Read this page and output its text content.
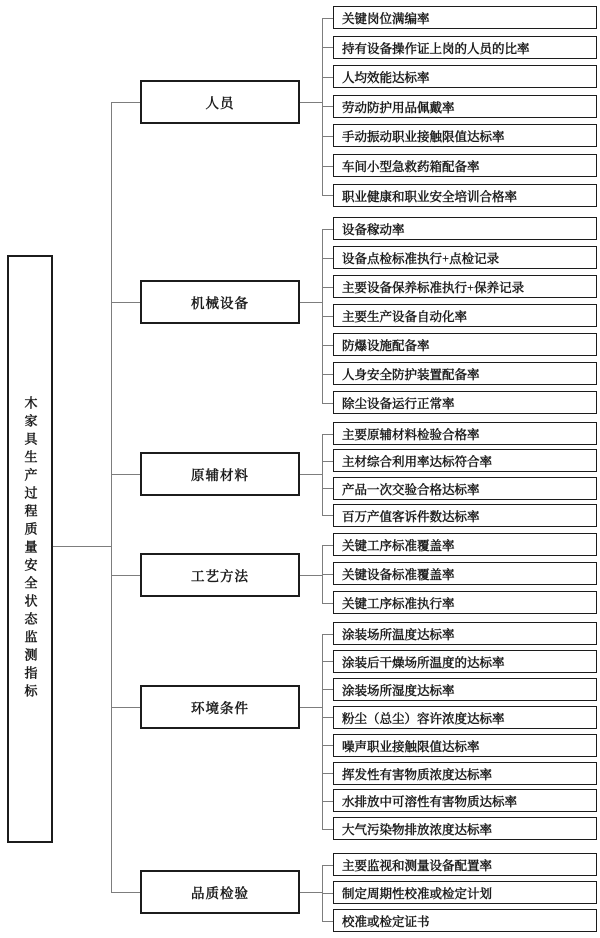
木家具生产过程质量安全状态监测指标
人员
关键岗位满编率
持有设备操作证上岗的人员的比率
人均效能达标率
劳动防护用品佩戴率
手动振动职业接触限值达标率
车间小型急救药箱配备率
职业健康和职业安全培训合格率
机械设备
设备稼动率
设备点检标准执行+点检记录
主要设备保养标准执行+保养记录
主要生产设备自动化率
防爆设施配备率
人身安全防护装置配备率
除尘设备运行正常率
原辅材料
主要原辅材料检验合格率
主材综合利用率达标符合率
产品一次交验合格达标率
百万产值客诉件数达标率
工艺方法
关键工序标准覆盖率
关键设备标准覆盖率
关键工序标准执行率
环境条件
涂装场所温度达标率
涂装后干燥场所温度的达标率
涂装场所湿度达标率
粉尘（总尘）容许浓度达标率
噪声职业接触限值达标率
挥发性有害物质浓度达标率
水排放中可溶性有害物质达标率
大气污染物排放浓度达标率
品质检验
主要监视和测量设备配置率
制定周期性校准或检定计划
校准或检定证书
